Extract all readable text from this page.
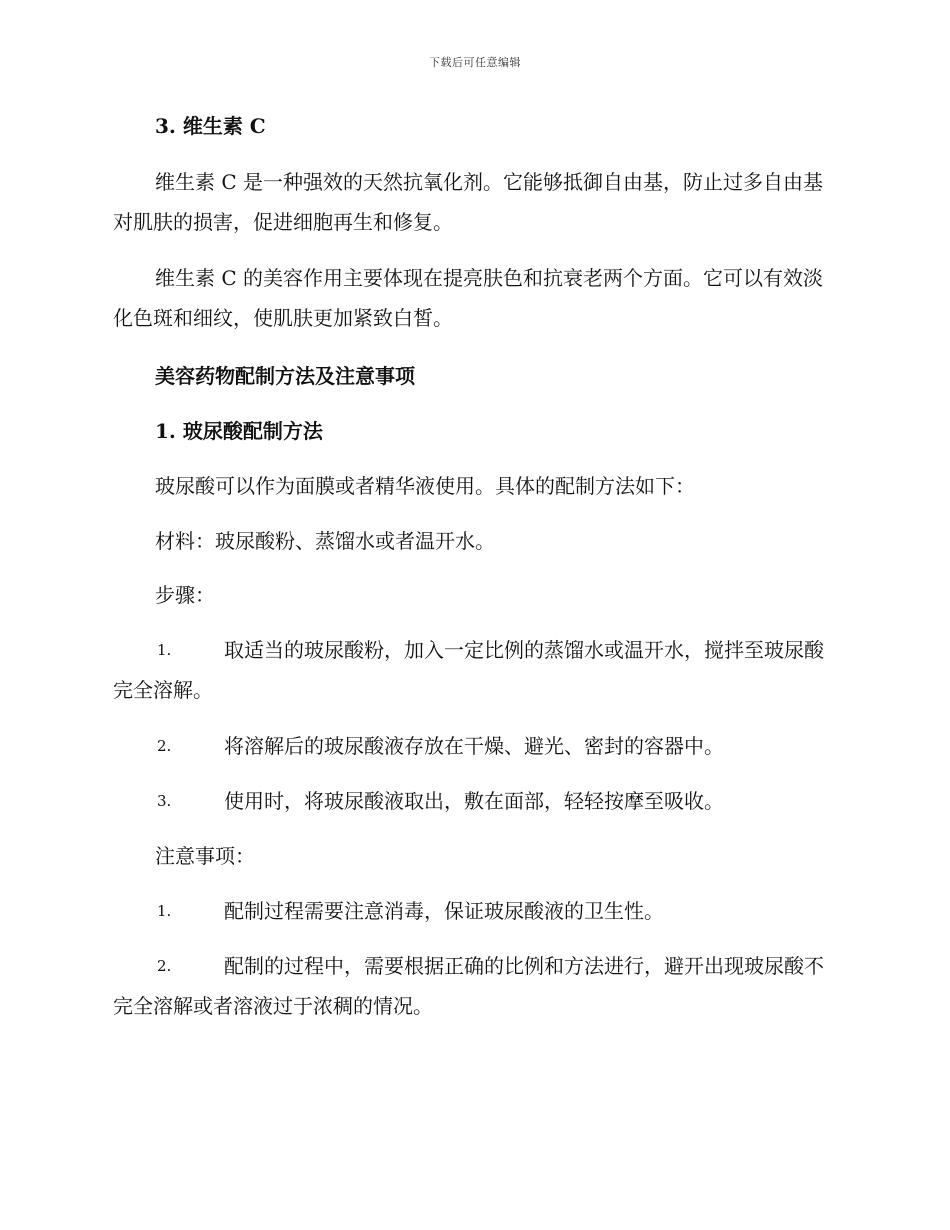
下载后可任意编辑

3. 维生素 C

维生素 C 是一种强效的天然抗氧化剂。它能够抵御自由基，防止过多自由基对肌肤的损害，促进细胞再生和修复。

维生素 C 的美容作用主要体现在提亮肤色和抗衰老两个方面。它可以有效淡化色斑和细纹，使肌肤更加紧致白皙。

美容药物配制方法及注意事项

1. 玻尿酸配制方法

玻尿酸可以作为面膜或者精华液使用。具体的配制方法如下：

材料：玻尿酸粉、蒸馏水或者温开水。

步骤：

1.	取适当的玻尿酸粉，加入一定比例的蒸馏水或温开水，搅拌至玻尿酸完全溶解。
2.	将溶解后的玻尿酸液存放在干燥、避光、密封的容器中。
3.	使用时，将玻尿酸液取出，敷在面部，轻轻按摩至吸收。

注意事项：

1.	配制过程需要注意消毒，保证玻尿酸液的卫生性。
2.	配制的过程中，需要根据正确的比例和方法进行，避开出现玻尿酸不完全溶解或者溶液过于浓稠的情况。
